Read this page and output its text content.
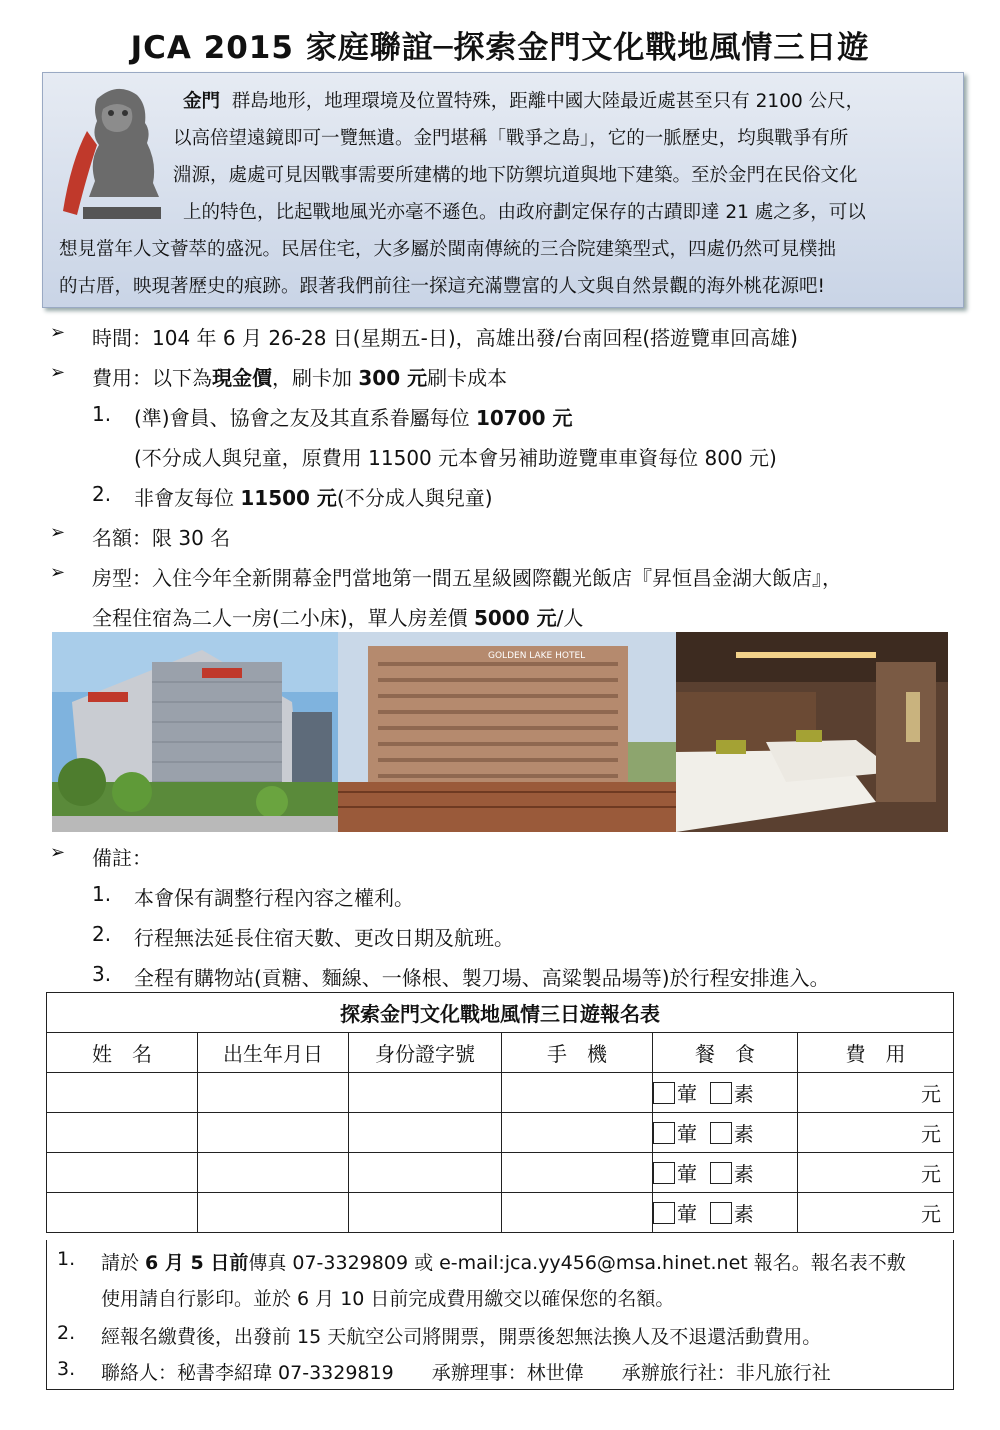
JCA 2015 家庭聯誼─探索金門文化戰地風情三日遊
金門 群島地形，地理環境及位置特殊，距離中國大陸最近處甚至只有 2100 公尺，
以高倍望遠鏡即可一覽無遺。金門堪稱「戰爭之島」，它的一脈歷史，均與戰爭有所
淵源，處處可見因戰事需要所建構的地下防禦坑道與地下建築。至於金門在民俗文化
上的特色，比起戰地風光亦毫不遜色。由政府劃定保存的古蹟即達 21 處之多，可以
想見當年人文薈萃的盛況。民居住宅，大多屬於閩南傳統的三合院建築型式，四處仍然可見樸拙
的古厝，映現著歷史的痕跡。跟著我們前往一探這充滿豐富的人文與自然景觀的海外桃花源吧!
➢ 時間：104 年 6 月 26-28 日(星期五-日)，高雄出發/台南回程(搭遊覽車回高雄)
➢ 費用：以下為現金價，刷卡加 300 元刷卡成本
1. (準)會員、協會之友及其直系眷屬每位 10700 元
(不分成人與兒童，原費用 11500 元本會另補助遊覽車車資每位 800 元)
2. 非會友每位 11500 元(不分成人與兒童)
➢ 名額：限 30 名
➢ 房型：入住今年全新開幕金門當地第一間五星級國際觀光飯店『昇恒昌金湖大飯店』，
全程住宿為二人一房(二小床)，單人房差價 5000 元/人
GOLDEN LAKE HOTEL
➢ 備註：
1. 本會保有調整行程內容之權利。
2. 行程無法延長住宿天數、更改日期及航班。
3. 全程有購物站(貢糖、麵線、一條根、製刀場、高粱製品場等)於行程安排進入。
探索金門文化戰地風情三日遊報名表					
姓　名	出生年月日	身份證字號	手　機	餐　食	費　用
				葷 素	元
				葷 素	元
				葷 素	元
				葷 素	元
1. 請於 6 月 5 日前傳真 07-3329809 或 e-mail:jca.yy456@msa.hinet.net 報名。報名表不敷
使用請自行影印。並於 6 月 10 日前完成費用繳交以確保您的名額。
2. 經報名繳費後，出發前 15 天航空公司將開票，開票後恕無法換人及不退還活動費用。
3. 聯絡人：秘書李紹瑋 07-3329819　　承辦理事：林世偉　　承辦旅行社：非凡旅行社
